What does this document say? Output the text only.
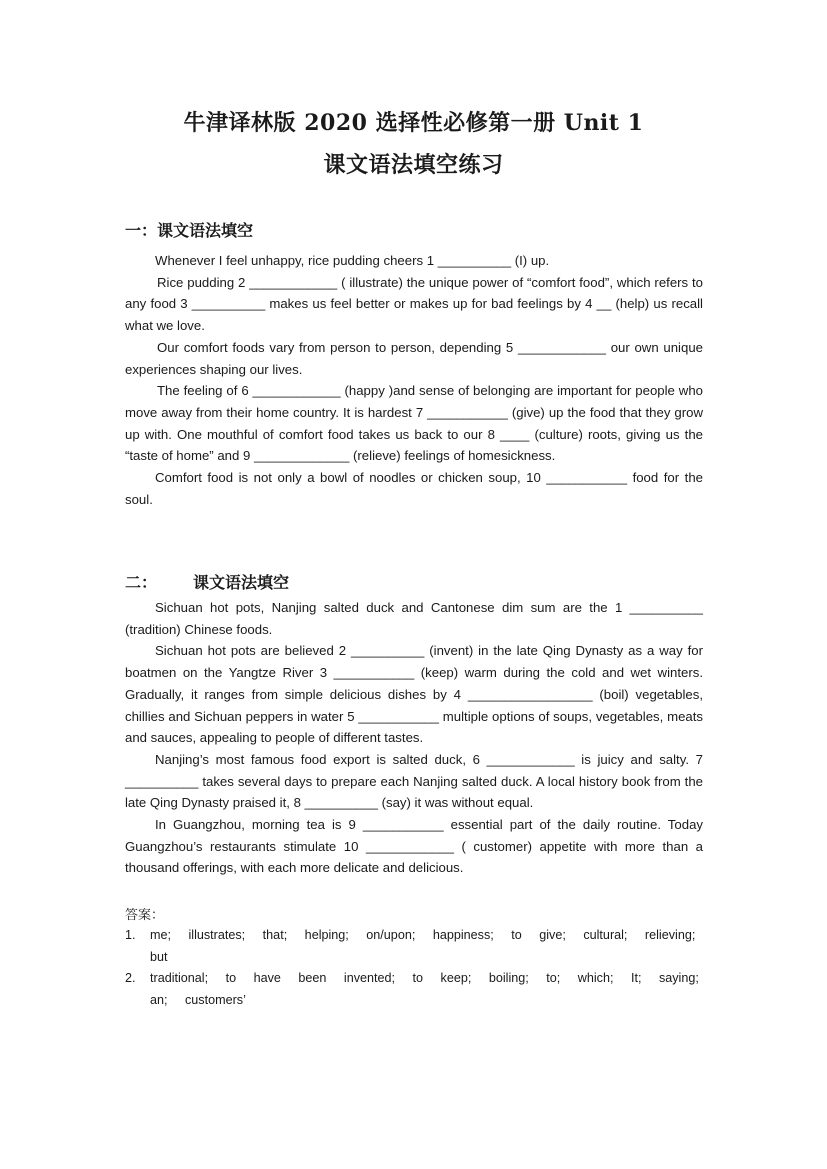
牛津译林版 2020 选择性必修第一册 Unit 1
课文语法填空练习
一：课文语法填空

Whenever I feel unhappy, rice pudding cheers 1 __________ (I) up.

Rice pudding 2 ____________ ( illustrate) the unique power of “comfort food”, which refers to any food 3 __________ makes us feel better or makes up for bad feelings by 4 __ (help) us recall what we love.

Our comfort foods vary from person to person, depending 5 ____________ our own unique experiences shaping our lives.

The feeling of 6 ____________ (happy )and sense of belonging are important for people who move away from their home country. It is hardest 7 ___________ (give) up the food that they grow up with. One mouthful of comfort food takes us back to our 8 ____ (culture) roots, giving us the “taste of home” and 9 _____________ (relieve) feelings of homesickness.

Comfort food is not only a bowl of noodles or chicken soup, 10 ___________ food for the soul.

二： 课文语法填空

Sichuan hot pots, Nanjing salted duck and Cantonese dim sum are the 1 __________ (tradition) Chinese foods.

Sichuan hot pots are believed 2 __________ (invent) in the late Qing Dynasty as a way for boatmen on the Yangtze River 3 ___________ (keep) warm during the cold and wet winters. Gradually, it ranges from simple delicious dishes by 4 _________________ (boil) vegetables, chillies and Sichuan peppers in water 5 ___________ multiple options of soups, vegetables, meats and sauces, appealing to people of different tastes.

Nanjing’s most famous food export is salted duck, 6 ____________ is juicy and salty. 7 __________ takes several days to prepare each Nanjing salted duck. A local history book from the late Qing Dynasty praised it, 8 __________ (say) it was without equal.

In Guangzhou, morning tea is 9 ___________ essential part of the daily routine. Today Guangzhou’s restaurants stimulate 10 ____________ ( customer) appetite with more than a thousand offerings, with each more delicate and delicious.

答案：
1. me; illustrates; that; helping; on/upon; happiness; to give; cultural; relieving; but
2. traditional; to have been invented; to keep; boiling; to; which; It; saying; an; customers’
